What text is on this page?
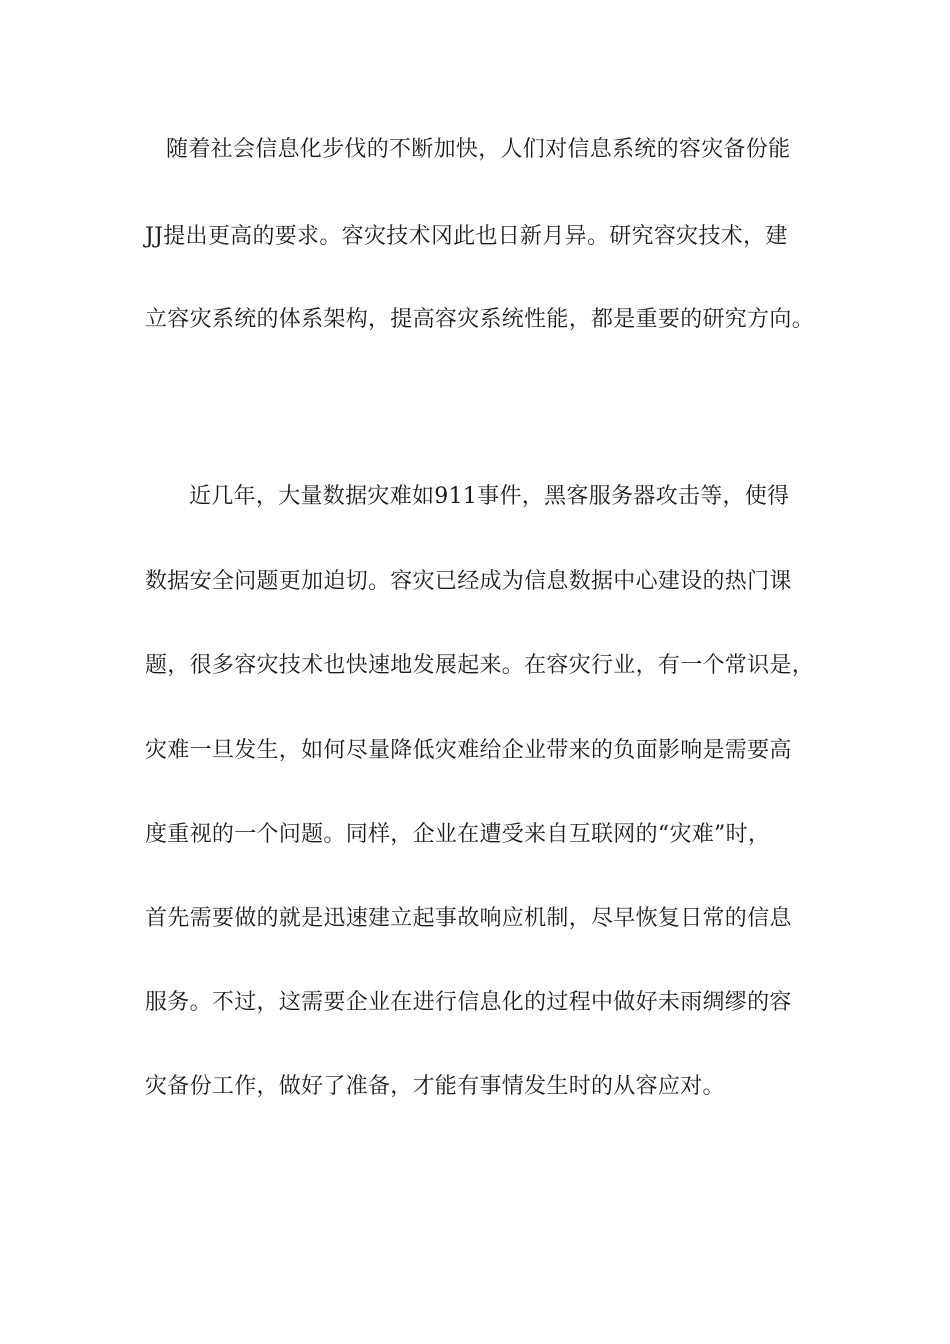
随着社会信息化步伐的不断加快，人们对信息系统的容灾备份能

JJ提出更高的要求。容灾技术冈此也日新月异。研究容灾技术，建

立容灾系统的体系架构，提高容灾系统性能，都是重要的研究方向。

近几年，大量数据灾难如911事件，黑客服务器攻击等，使得

数据安全问题更加迫切。容灾已经成为信息数据中心建设的热门课

题，很多容灾技术也快速地发展起来。在容灾行业，有一个常识是，

灾难一旦发生，如何尽量降低灾难给企业带来的负面影响是需要高

度重视的一个问题。同样，企业在遭受来自互联网的“灾难”时，

首先需要做的就是迅速建立起事故响应机制，尽早恢复日常的信息

服务。不过，这需要企业在进行信息化的过程中做好未雨绸缪的容

灾备份工作，做好了准备，才能有事情发生时的从容应对。
